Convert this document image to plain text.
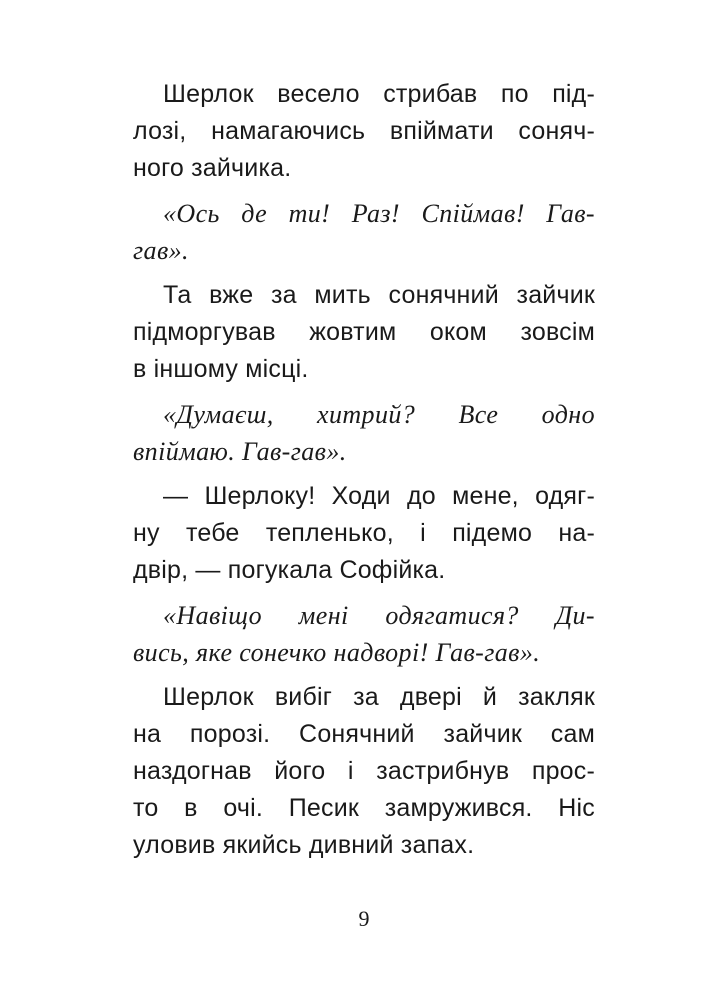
Шерлок весело стрибав по під-
лозі, намагаючись впіймати соняч-
ного зайчика.

«Ось де ти! Раз! Спіймав! Гав-
гав».

Та вже за мить сонячний зайчик
підморгував жовтим оком зовсім
в іншому місці.

«Думаєш, хитрий? Все одно
впіймаю. Гав-гав».

— Шерлоку! Ходи до мене, одяг-
ну тебе тепленько, і підемо на-
двір, — погукала Софійка.

«Навіщо мені одягатися? Ди-
вись, яке сонечко надворі! Гав-гав».

Шерлок вибіг за двері й закляк
на порозі. Сонячний зайчик сам
наздогнав його і застрибнув прос-
то в очі. Песик замружився. Ніс
уловив якийсь дивний запах.

9
